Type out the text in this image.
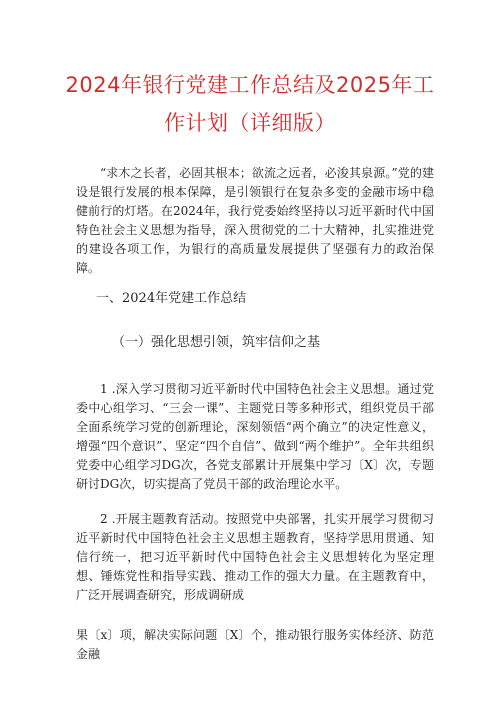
2024年银行党建工作总结及2025年工
作计划（详细版）
“求木之长者，必固其根本；欲流之远者，必浚其泉源。”党的建设是银行发展的根本保障，是引领银行在复杂多变的金融市场中稳健前行的灯塔。在2024年，我行党委始终坚持以习近平新时代中国特色社会主义思想为指导，深入贯彻党的二十大精神，扎实推进党的建设各项工作，为银行的高质量发展提供了坚强有力的政治保障。
一、2024年党建工作总结
（一）强化思想引领，筑牢信仰之基
1 .深入学习贯彻习近平新时代中国特色社会主义思想。通过党委中心组学习、“三会一课”、主题党日等多种形式，组织党员干部全面系统学习党的创新理论，深刻领悟“两个确立”的决定性意义，增强“四个意识”、坚定“四个自信”、做到“两个维护”。全年共组织党委中心组学习DG次，各党支部累计开展集中学习〔X〕次，专题研讨DG次，切实提高了党员干部的政治理论水平。
2 .开展主题教育活动。按照党中央部署，扎实开展学习贯彻习近平新时代中国特色社会主义思想主题教育，坚持学思用贯通、知信行统一，把习近平新时代中国特色社会主义思想转化为坚定理想、锤炼党性和指导实践、推动工作的强大力量。在主题教育中，广泛开展调查研究，形成调研成
果〔x〕项，解决实际问题〔X〕个，推动银行服务实体经济、防范金融
